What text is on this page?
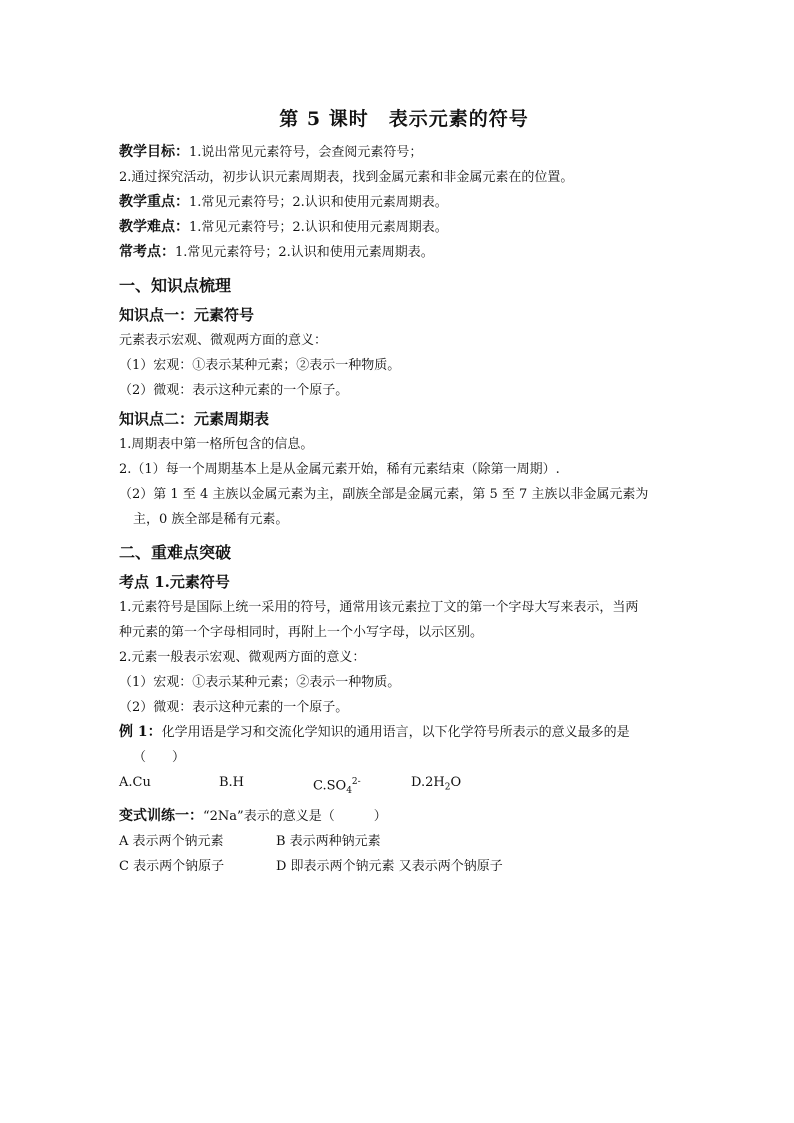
第 5 课时　表示元素的符号

教学目标：1.说出常见元素符号，会查阅元素符号；

2.通过探究活动，初步认识元素周期表，找到金属元素和非金属元素在的位置。

教学重点：1.常见元素符号；2.认识和使用元素周期表。

教学难点：1.常见元素符号；2.认识和使用元素周期表。

常考点：1.常见元素符号；2.认识和使用元素周期表。

一、知识点梳理

知识点一：元素符号

元素表示宏观、微观两方面的意义：

（1）宏观：①表示某种元素；②表示一种物质。

（2）微观：表示这种元素的一个原子。

知识点二：元素周期表

1.周期表中第一格所包含的信息。

2.（1）每一个周期基本上是从金属元素开始，稀有元素结束（除第一周期）.

（2）第 1 至 4 主族以金属元素为主，副族全部是金属元素，第 5 至 7 主族以非金属元素为

主，0 族全部是稀有元素。

二、重难点突破

考点 1.元素符号

1.元素符号是国际上统一采用的符号，通常用该元素拉丁文的第一个字母大写来表示，当两

种元素的第一个字母相同时，再附上一个小写字母，以示区别。

2.元素一般表示宏观、微观两方面的意义：

（1）宏观：①表示某种元素；②表示一种物质。

（2）微观：表示这种元素的一个原子。

例 1：化学用语是学习和交流化学知识的通用语言，以下化学符号所表示的意义最多的是

（　　）

A.Cu	B.H	$C.SO_4^{2-}$	$D.2H_2O$

变式训练一：“2Na”表示的意义是（　　　）

A 表示两个钠元素	B 表示两种钠元素
C 表示两个钠原子	D 即表示两个钠元素 又表示两个钠原子
